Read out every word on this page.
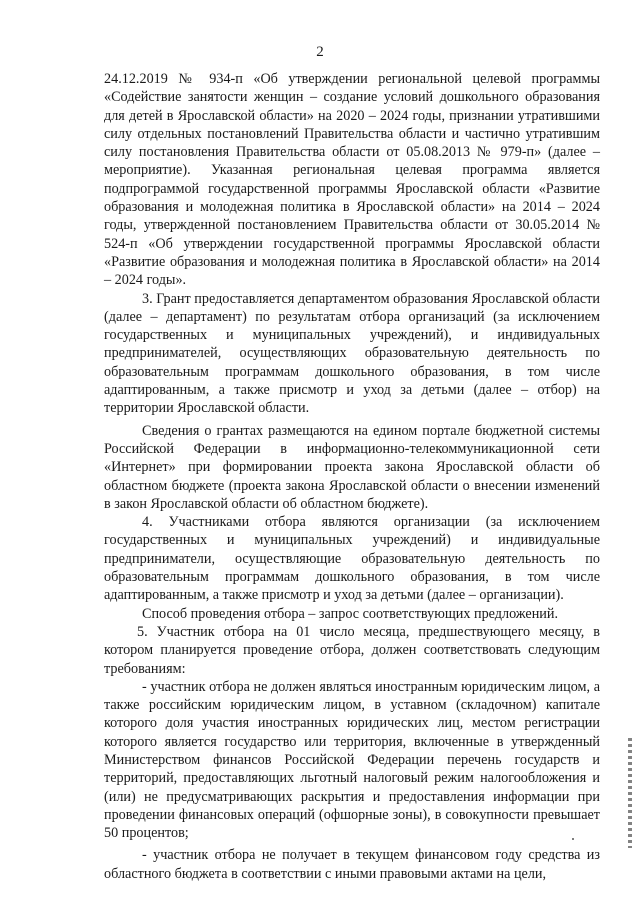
2

24.12.2019 № 934-п «Об утверждении региональной целевой программы «Содействие занятости женщин – создание условий дошкольного образования для детей в Ярославской области» на 2020 – 2024 годы, признании утратившими силу отдельных постановлений Правительства области и частично утратившим силу постановления Правительства области от 05.08.2013 № 979-п» (далее – мероприятие). Указанная региональная целевая программа является подпрограммой государственной программы Ярославской области «Развитие образования и молодежная политика в Ярославской области» на 2014 – 2024 годы, утвержденной постановлением Правительства области от 30.05.2014 № 524-п «Об утверждении государственной программы Ярославской области «Развитие образования и молодежная политика в Ярославской области» на 2014 – 2024 годы».

3. Грант предоставляется департаментом образования Ярославской области (далее – департамент) по результатам отбора организаций (за исключением государственных и муниципальных учреждений), и индивидуальных предпринимателей, осуществляющих образовательную деятельность по образовательным программам дошкольного образования, в том числе адаптированным, а также присмотр и уход за детьми (далее – отбор) на территории Ярославской области.

Сведения о грантах размещаются на едином портале бюджетной системы Российской Федерации в информационно-телекоммуникационной сети «Интернет» при формировании проекта закона Ярославской области об областном бюджете (проекта закона Ярославской области о внесении изменений в закон Ярославской области об областном бюджете).

4. Участниками отбора являются организации (за исключением государственных и муниципальных учреждений) и индивидуальные предприниматели, осуществляющие образовательную деятельность по образовательным программам дошкольного образования, в том числе адаптированным, а также присмотр и уход за детьми (далее – организации).

Способ проведения отбора – запрос соответствующих предложений.

5. Участник отбора на 01 число месяца, предшествующего месяцу, в котором планируется проведение отбора, должен соответствовать следующим требованиям:

- участник отбора не должен являться иностранным юридическим лицом, а также российским юридическим лицом, в уставном (складочном) капитале которого доля участия иностранных юридических лиц, местом регистрации которого является государство или территория, включенные в утвержденный Министерством финансов Российской Федерации перечень государств и территорий, предоставляющих льготный налоговый режим налогообложения и (или) не предусматривающих раскрытия и предоставления информации при проведении финансовых операций (офшорные зоны), в совокупности превышает 50 процентов;

- участник отбора не получает в текущем финансовом году средства из областного бюджета в соответствии с иными правовыми актами на цели,
